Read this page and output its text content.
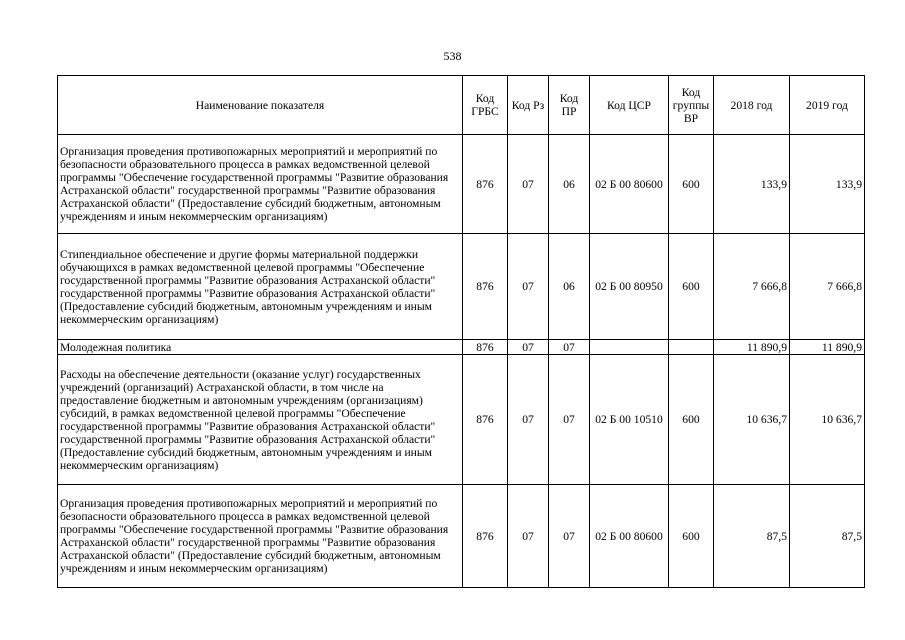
538
Наименование показателя	Код ГРБС	Код Рз	Код ПР	Код ЦСР	Код группы ВР	2018 год	2019 год
Организация проведения противопожарных мероприятий и мероприятий по безопасности образовательного процесса в рамках ведомственной целевой программы "Обеспечение государственной программы "Развитие образования Астраханской области" государственной программы "Развитие образования Астраханской области" (Предоставление субсидий бюджетным, автономным учреждениям и иным некоммерческим организациям)	876	07	06	02 Б 00 80600	600	133,9	133,9
Стипендиальное обеспечение и другие формы материальной поддержки обучающихся в рамках ведомственной целевой программы "Обеспечение государственной программы "Развитие образования Астраханской области" государственной программы "Развитие образования Астраханской области" (Предоставление субсидий бюджетным, автономным учреждениям и иным некоммерческим организациям)	876	07	06	02 Б 00 80950	600	7 666,8	7 666,8
Молодежная политика	876	07	07			11 890,9	11 890,9
Расходы на обеспечение деятельности (оказание услуг) государственных учреждений (организаций) Астраханской области, в том числе на предоставление бюджетным и автономным учреждениям (организациям) субсидий, в рамках ведомственной целевой программы "Обеспечение государственной программы "Развитие образования Астраханской области" государственной программы "Развитие образования Астраханской области" (Предоставление субсидий бюджетным, автономным учреждениям и иным некоммерческим организациям)	876	07	07	02 Б 00 10510	600	10 636,7	10 636,7
Организация проведения противопожарных мероприятий и мероприятий по безопасности образовательного процесса в рамках ведомственной целевой программы "Обеспечение государственной программы "Развитие образования Астраханской области" государственной программы "Развитие образования Астраханской области" (Предоставление субсидий бюджетным, автономным учреждениям и иным некоммерческим организациям)	876	07	07	02 Б 00 80600	600	87,5	87,5
